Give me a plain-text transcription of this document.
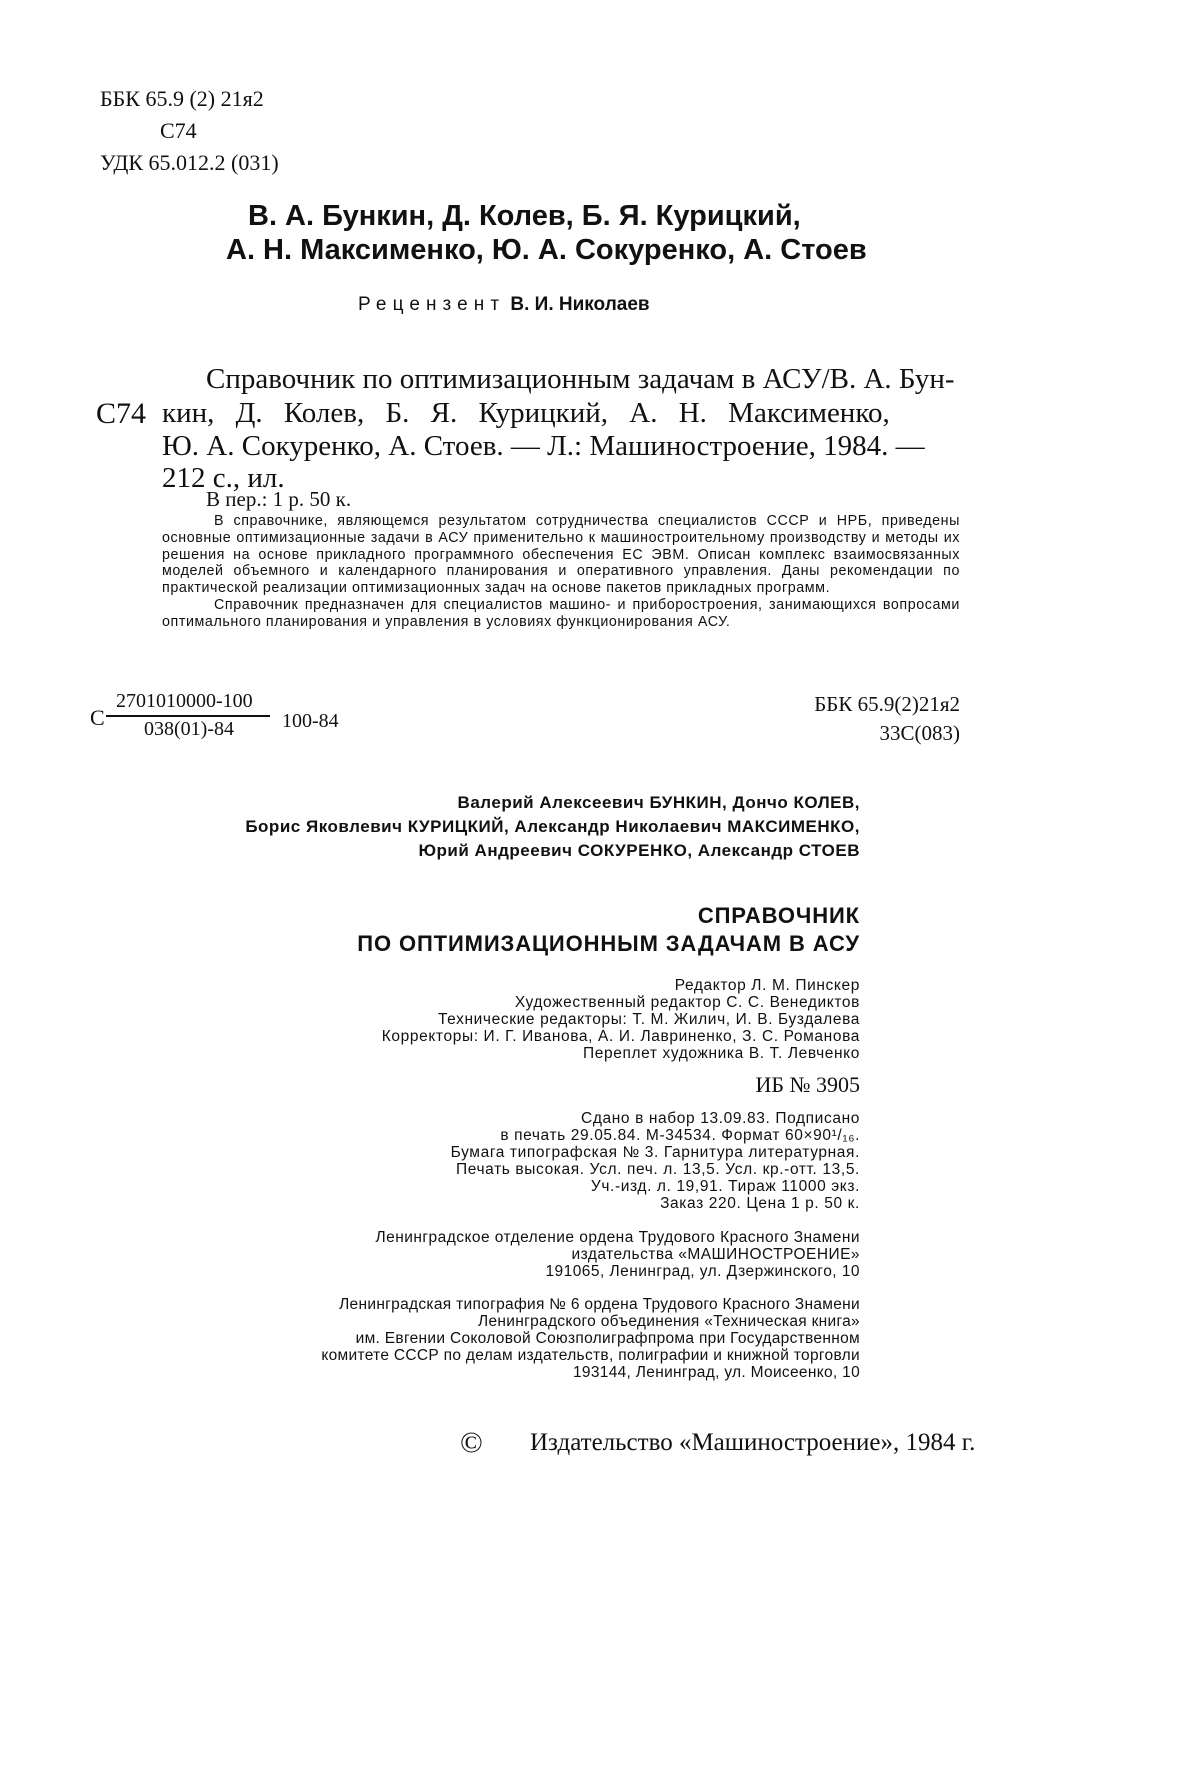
ББК 65.9 (2) 21я2
С74
УДК 65.012.2 (031)
В. А. Бункин, Д. Колев, Б. Я. Курицкий,
А. Н. Максименко, Ю. А. Сокуренко, А. Стоев
Рецензент В. И. Николаев
С74
Справочник по оптимизационным задачам в АСУ/В. А. Бун-
кин, Д. Колев, Б. Я. Курицкий, А. Н. Максименко,
Ю. А. Сокуренко, А. Стоев. — Л.: Машиностроение, 1984. —
212 с., ил.
В пер.: 1 р. 50 к.

В справочнике, являющемся результатом сотрудничества специалистов СССР и НРБ, приведены основные оптимизационные задачи в АСУ применительно к машиностроительному производству и методы их решения на основе прикладного программного обеспечения ЕС ЭВМ. Описан комплекс взаимосвязанных моделей объемного и календарного планирования и оперативного управления. Даны рекомендации по практической реализации оптимизационных задач на основе пакетов прикладных программ.

Справочник предназначен для специалистов машино- и приборостроения, занимающихся вопросами оптимального планирования и управления в условиях функционирования АСУ.

С
2701010000-100
038(01)-84 100-84
ББК 65.9(2)21я2
33С(083)
Валерий Алексеевич БУНКИН, Дончо КОЛЕВ,
Борис Яковлевич КУРИЦКИЙ, Александр Николаевич МАКСИМЕНКО,
Юрий Андреевич СОКУРЕНКО, Александр СТОЕВ
СПРАВОЧНИК
ПО ОПТИМИЗАЦИОННЫМ ЗАДАЧАМ В АСУ
Редактор Л. М. Пинскер
Художественный редактор С. С. Венедиктов
Технические редакторы: Т. М. Жилич, И. В. Буздалева
Корректоры: И. Г. Иванова, А. И. Лавриненко, З. С. Романова
Переплет художника В. Т. Левченко
ИБ № 3905
Сдано в набор 13.09.83. Подписано
в печать 29.05.84. М-34534. Формат 60×90¹/₁₆.
Бумага типографская № 3. Гарнитура литературная.
Печать высокая. Усл. печ. л. 13,5. Усл. кр.-отт. 13,5.
Уч.-изд. л. 19,91. Тираж 11000 экз.
Заказ 220. Цена 1 р. 50 к.
Ленинградское отделение ордена Трудового Красного Знамени
издательства «МАШИНОСТРОЕНИЕ»
191065, Ленинград, ул. Дзержинского, 10
Ленинградская типография № 6 ордена Трудового Красного Знамени
Ленинградского объединения «Техническая книга»
им. Евгении Соколовой Союзполиграфпрома при Государственном
комитете СССР по делам издательств, полиграфии и книжной торговли
193144, Ленинград, ул. Моисеенко, 10
© Издательство «Машиностроение», 1984 г.
